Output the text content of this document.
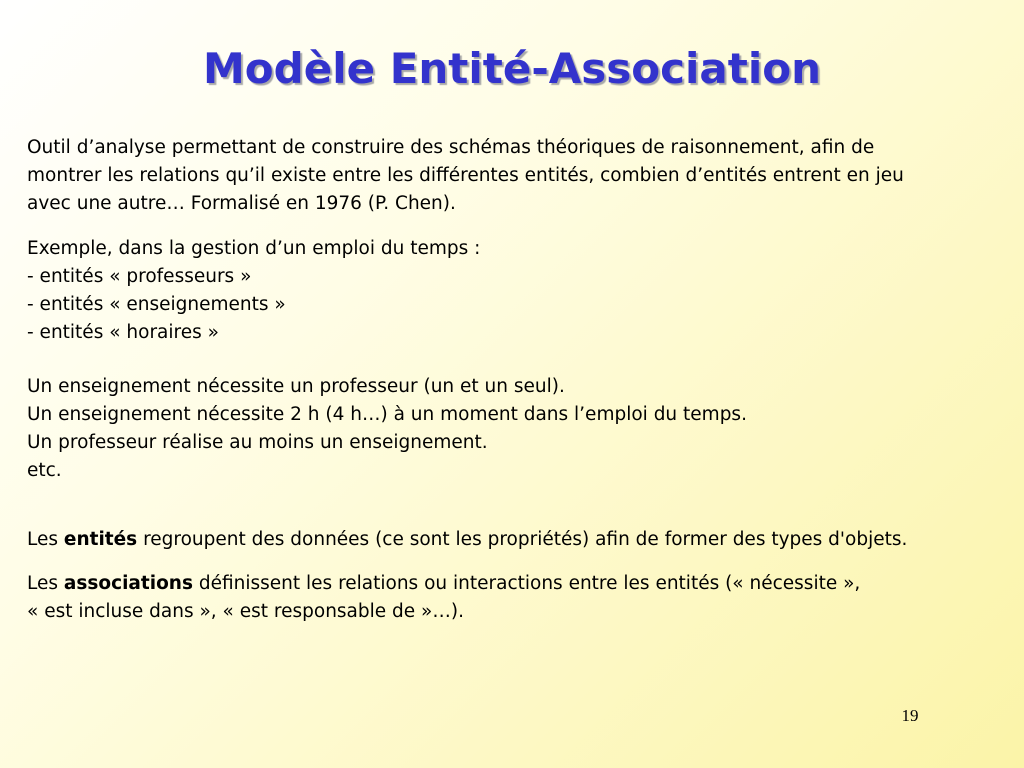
Modèle Entité-Association
Outil d’analyse permettant de construire des schémas théoriques de raisonnement, afin de
montrer les relations qu’il existe entre les différentes entités, combien d’entités entrent en jeu
avec une autre… Formalisé en 1976 (P. Chen).
Exemple, dans la gestion d’un emploi du temps :
- entités « professeurs »
- entités « enseignements »
- entités « horaires »
Un enseignement nécessite un professeur (un et un seul).
Un enseignement nécessite 2 h (4 h…) à un moment dans l’emploi du temps.
Un professeur réalise au moins un enseignement.
etc.
Les entités regroupent des données (ce sont les propriétés) afin de former des types d'objets.
Les associations définissent les relations ou interactions entre les entités (« nécessite »,
« est incluse dans », « est responsable de »…).
19
